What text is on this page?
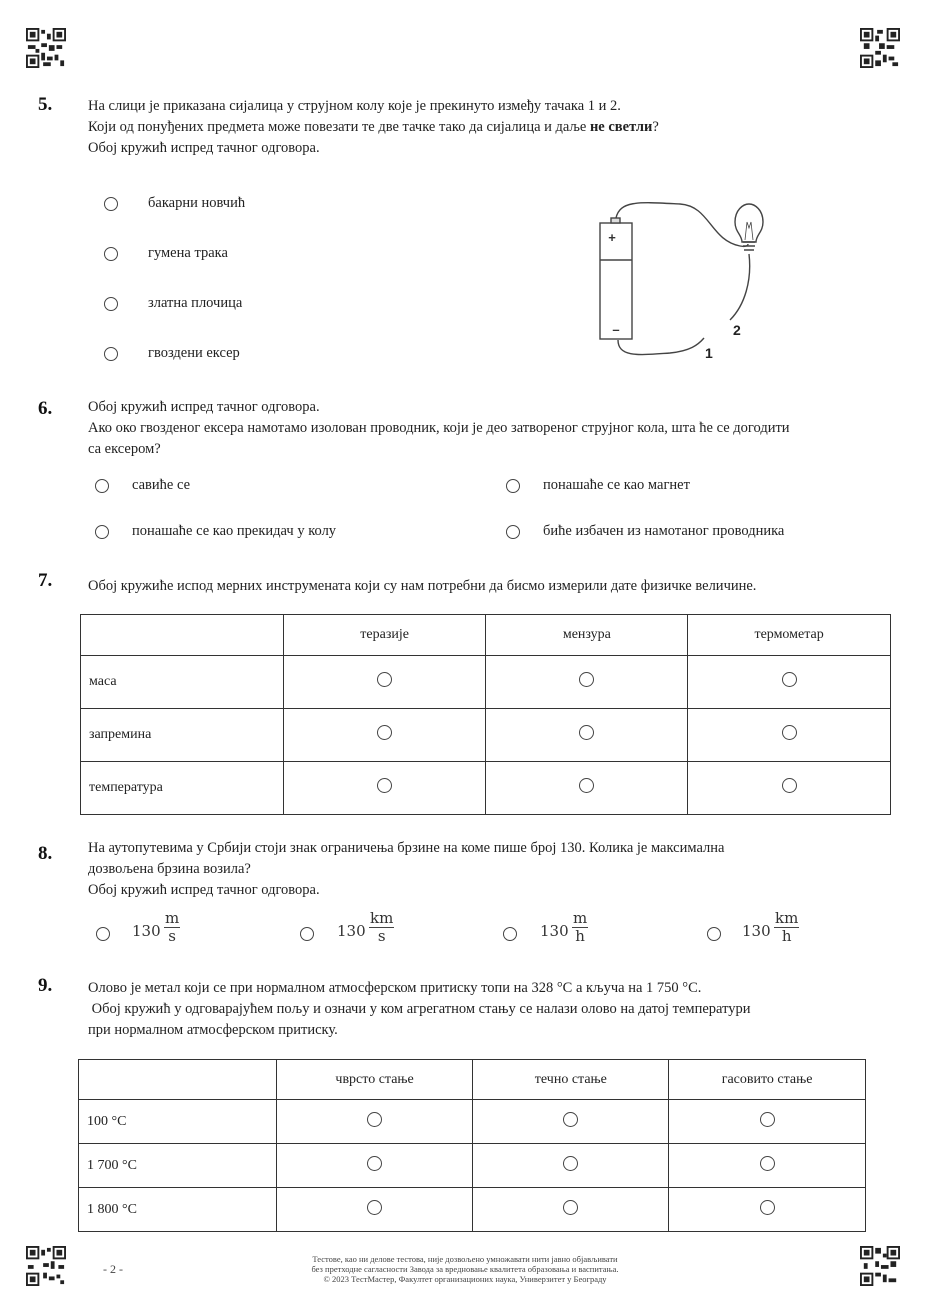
5. На слици је приказана сијалица у струјном колу које је прекинуто између тачака 1 и 2.
Који од понуђених предмета може повезати те две тачке тако да сијалица и даље не светли?
Обој кружић испред тачног одговора.
бакарни новчић
гумена трака
златна плочица
гвоздени ексер
+
–
1
2
6. Обој кружић испред тачног одговора.
Ако око гвозденог ексера намотамо изолован проводник, који је део затвореног струјног кола, шта ће се догодити
са ексером?
савиће се	понашаће се као магнет
понашаће се као прекидач у колу	биће избачен из намотаног проводника
7. Обој кружиће испод мерних инструмената који су нам потребни да бисмо измерили дате физичке величине.
	теразије	мензура	термометар
маса			
запремина			
температура			
8. На аутопутевима у Србији стоји знак ограничења брзине на коме пише број 130. Колика је максимална
дозвољена брзина возила?
Обој кружић испред тачног одговора.
130
m
s	130
km
s	130
m
h	130
km
h
9. Олово је метал који се при нормалном атмосферском притиску топи на 328 °C а кључа на 1 750 °C.
Обој кружић у одговарајућем пољу и означи у ком агрегатном стању се налази олово на датој температури
при нормалном атмосферском притиску.
	чврсто стање	течно стање	гасовито стање
100 °C			
1 700 °C			
1 800 °C			
- 2 -
Тестове, као ни делове тестова, није дозвољено умножавати нити јавно објављивати
без претходне сагласности Завода за вредновање квалитета образовања и васпитања.
© 2023 ТестМастер, Факултет организационих наука, Универзитет у Београду
